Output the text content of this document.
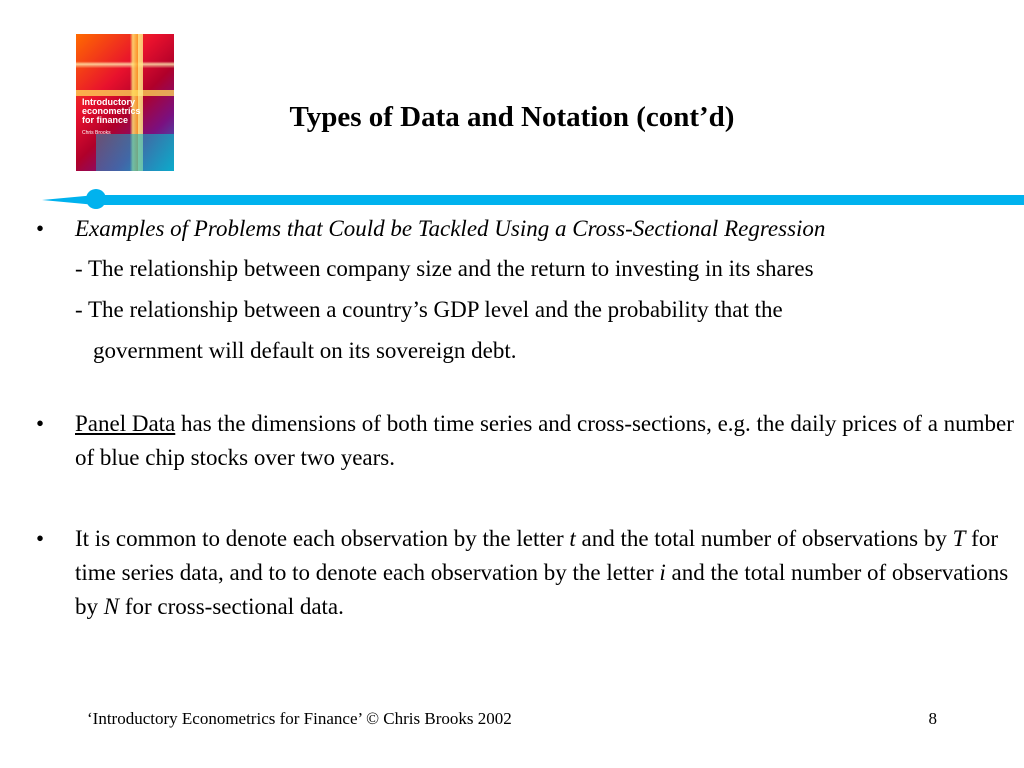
Introductory
econometrics
for finance
Chris Brooks	Types of Data and Notation (cont’d)
•	Examples of Problems that Could be Tackled Using a Cross-Sectional Regression
- The relationship between company size and the return to investing in its shares
- The relationship between a country’s GDP level and the probability that the
government will default on its sovereign debt.
•	Panel Data has the dimensions of both time series and cross-sections, e.g. the daily prices of a number of blue chip stocks over two years.
•	It is common to denote each observation by the letter t and the total number of observations by T for time series data, and to to denote each observation by the letter i and the total number of observations by N for cross-sectional data.
‘Introductory Econometrics for Finance’ © Chris Brooks 2002	8
